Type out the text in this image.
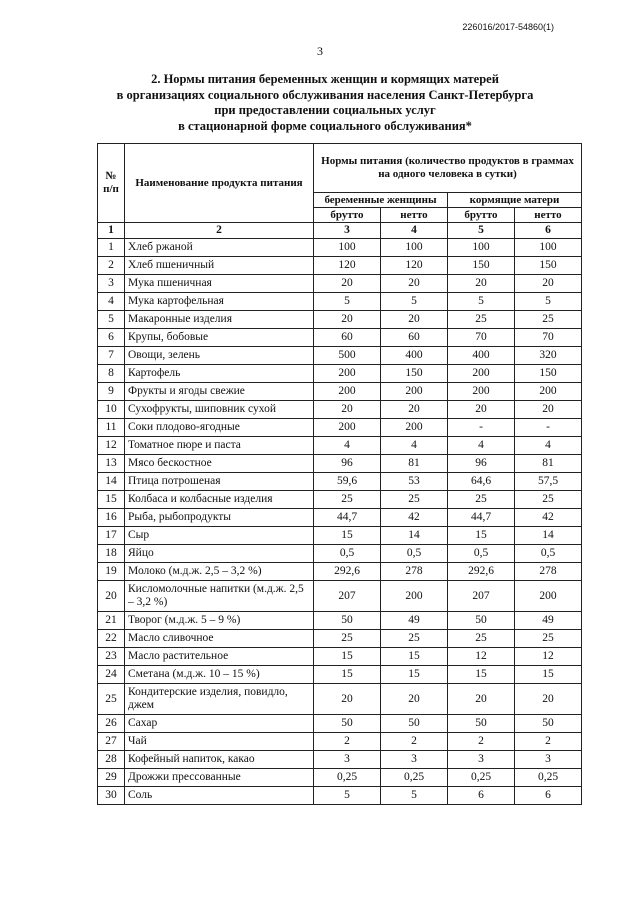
226016/2017-54860(1)
3
2. Нормы питания беременных женщин и кормящих матерей
в организациях социального обслуживания населения Санкт-Петербурга
при предоставлении социальных услуг
в стационарной форме социального обслуживания*
№ п/п	Наименование продукта питания	Нормы питания (количество продуктов в граммах на одного человека в сутки)			
		беременные женщины		кормящие матери	
		брутто	нетто	брутто	нетто
1	2	3	4	5	6
1	Хлеб ржаной	100	100	100	100
2	Хлеб пшеничный	120	120	150	150
3	Мука пшеничная	20	20	20	20
4	Мука картофельная	5	5	5	5
5	Макаронные изделия	20	20	25	25
6	Крупы, бобовые	60	60	70	70
7	Овощи, зелень	500	400	400	320
8	Картофель	200	150	200	150
9	Фрукты и ягоды свежие	200	200	200	200
10	Сухофрукты, шиповник сухой	20	20	20	20
11	Соки плодово-ягодные	200	200	-	-
12	Томатное пюре и паста	4	4	4	4
13	Мясо бескостное	96	81	96	81
14	Птица потрошеная	59,6	53	64,6	57,5
15	Колбаса и колбасные изделия	25	25	25	25
16	Рыба, рыбопродукты	44,7	42	44,7	42
17	Сыр	15	14	15	14
18	Яйцо	0,5	0,5	0,5	0,5
19	Молоко (м.д.ж. 2,5 – 3,2 %)	292,6	278	292,6	278
20	Кисломолочные напитки (м.д.ж. 2,5 – 3,2 %)	207	200	207	200
21	Творог (м.д.ж. 5 – 9 %)	50	49	50	49
22	Масло сливочное	25	25	25	25
23	Масло растительное	15	15	12	12
24	Сметана (м.д.ж. 10 – 15 %)	15	15	15	15
25	Кондитерские изделия, повидло, джем	20	20	20	20
26	Сахар	50	50	50	50
27	Чай	2	2	2	2
28	Кофейный напиток, какао	3	3	3	3
29	Дрожжи прессованные	0,25	0,25	0,25	0,25
30	Соль	5	5	6	6
